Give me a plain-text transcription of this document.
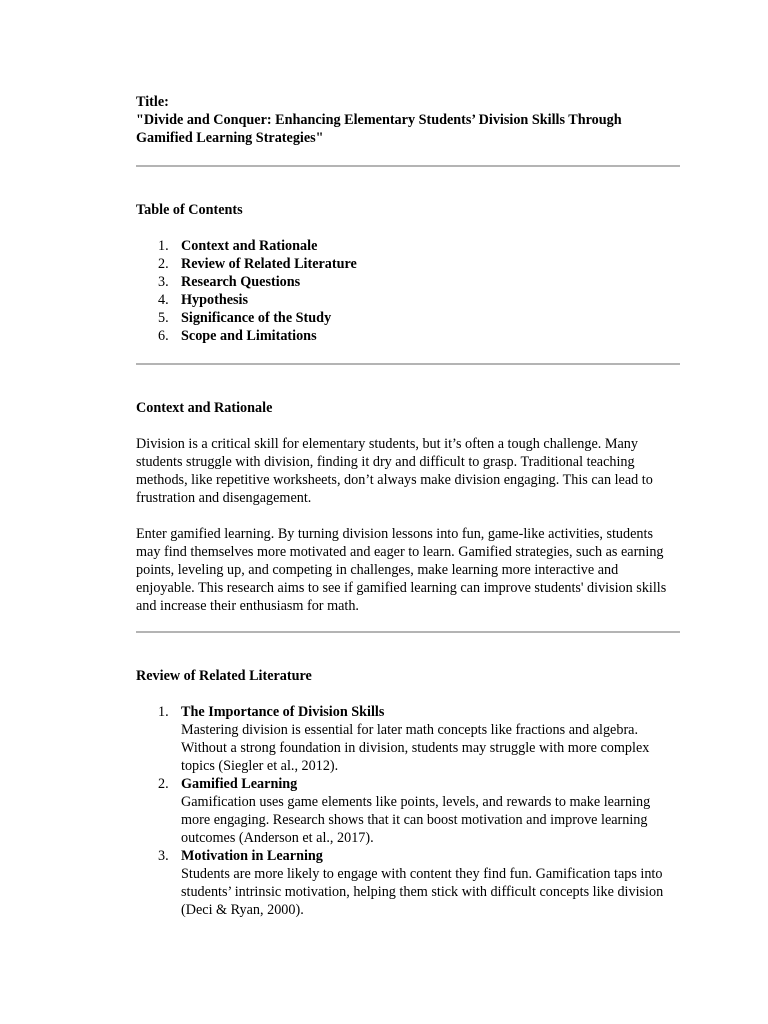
Title:

"Divide and Conquer: Enhancing Elementary Students’ Division Skills Through Gamified Learning Strategies"

Table of Contents

1. Context and Rationale
2. Review of Related Literature
3. Research Questions
4. Hypothesis
5. Significance of the Study
6. Scope and Limitations

Context and Rationale

Division is a critical skill for elementary students, but it’s often a tough challenge. Many students struggle with division, finding it dry and difficult to grasp. Traditional teaching methods, like repetitive worksheets, don’t always make division engaging. This can lead to frustration and disengagement.

Enter gamified learning. By turning division lessons into fun, game-like activities, students may find themselves more motivated and eager to learn. Gamified strategies, such as earning points, leveling up, and competing in challenges, make learning more interactive and enjoyable. This research aims to see if gamified learning can improve students' division skills and increase their enthusiasm for math.

Review of Related Literature

1. The Importance of Division Skills
Mastering division is essential for later math concepts like fractions and algebra. Without a strong foundation in division, students may struggle with more complex topics (Siegler et al., 2012).
2. Gamified Learning
Gamification uses game elements like points, levels, and rewards to make learning more engaging. Research shows that it can boost motivation and improve learning outcomes (Anderson et al., 2017).
3. Motivation in Learning
Students are more likely to engage with content they find fun. Gamification taps into students’ intrinsic motivation, helping them stick with difficult concepts like division (Deci & Ryan, 2000).
